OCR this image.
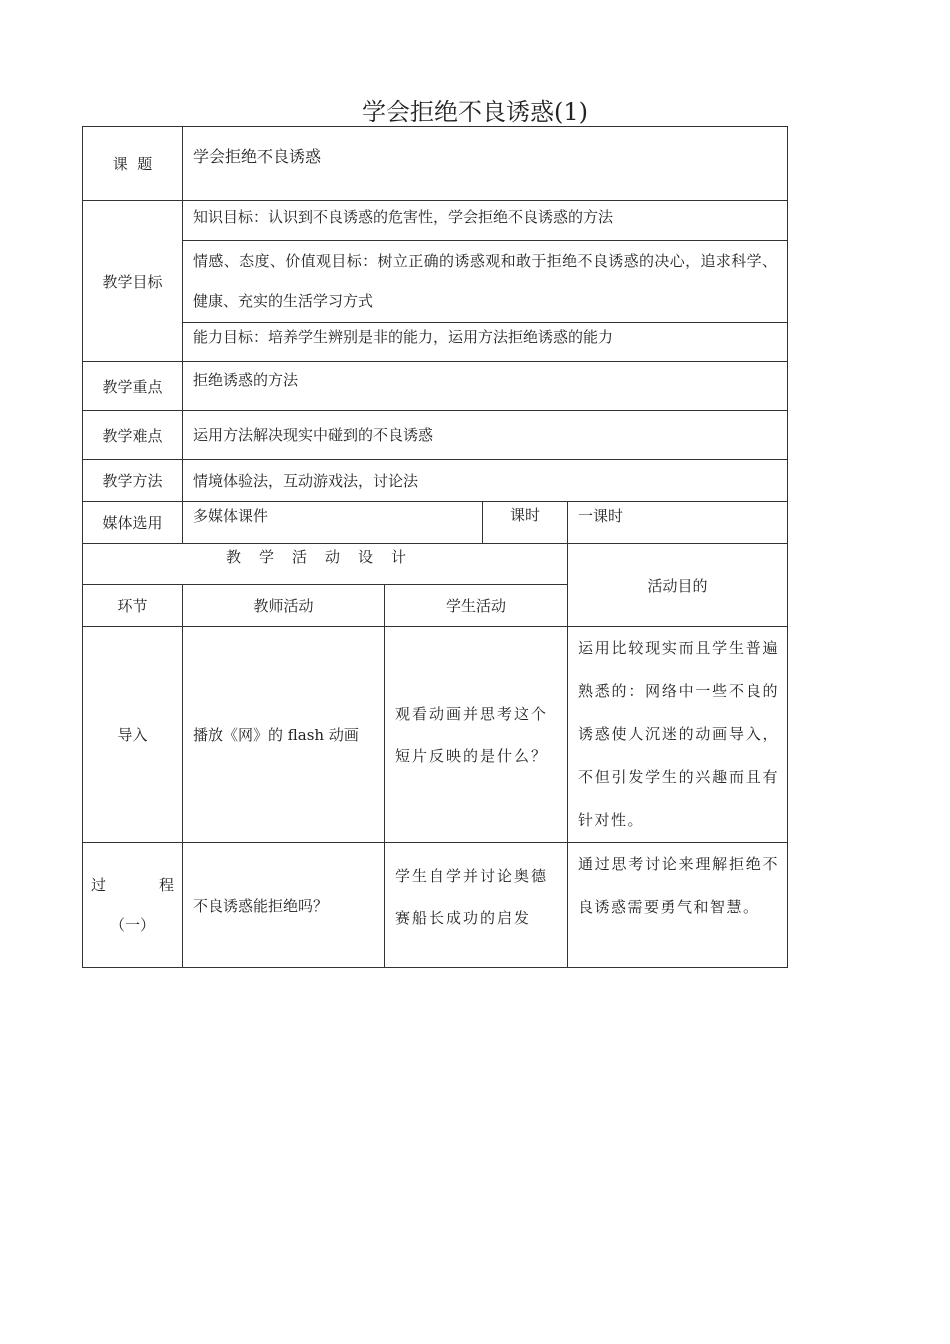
学会拒绝不良诱惑(1)
课  题	学会拒绝不良诱惑			
教学目标	知识目标：认识到不良诱惑的危害性，学会拒绝不良诱惑的方法			
	情感、态度、价值观目标：树立正确的诱惑观和敢于拒绝不良诱惑的决心，追求科学、健康、充实的生活学习方式			
	能力目标：培养学生辨别是非的能力，运用方法拒绝诱惑的能力			
教学重点	拒绝诱惑的方法			
教学难点	运用方法解决现实中碰到的不良诱惑			
教学方法	情境体验法，互动游戏法，讨论法			
媒体选用	多媒体课件		课时	一课时
教学活动设计				活动目的
环节	教师活动	学生活动		
导入	播放《网》的 flash 动画	观看动画并思考这个短片反映的是什么？		运用比较现实而且学生普遍熟悉的：网络中一些不良的诱惑使人沉迷的动画导入，不但引发学生的兴趣而且有针对性。

过 程
（一）	不良诱惑能拒绝吗？	学生自学并讨论奥德赛船长成功的启发		通过思考讨论来理解拒绝不良诱惑需要勇气和智慧。
